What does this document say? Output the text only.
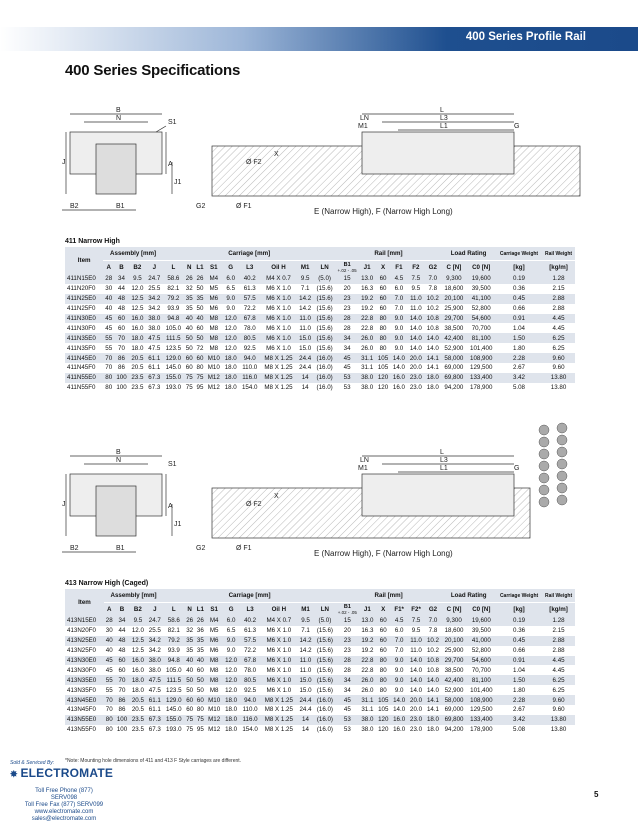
400 Series Profile Rail
400 Series Specifications
B
N
S1
J	A
J1
B2	B1	G2	Ø F1
M1
LN
L
L3
L1	G
E (Narrow High), F (Narrow High Long)
411 Narrow High
Item	Assembly [mm]				Carriage [mm]									Rail [mm]						Load Rating		Carriage Weight	Rail Weight
	A	B	B2	J	L	N	L1	S1	G	L3	Oil H	M1	LN	B1
+.02 - .05	J1	X	F1	F2	G2	C [N]	C0 [N]	[kg]	[kg/m]
411N15E0	28	34	9.5	24.7	58.6	26	26	M4	6.0	40.2	M4 X 0.7	9.5	(5.0)	15	13.0	60	4.5	7.5	7.0	9,300	19,600	0.19	1.28
411N20F0	30	44	12.0	25.5	82.1	32	50	M5	6.5	61.3	M6 X 1.0	7.1	(15.6)	20	16.3	60	6.0	9.5	7.8	18,600	39,500	0.36	2.15
411N25E0	40	48	12.5	34.2	79.2	35	35	M6	9.0	57.5	M6 X 1.0	14.2	(15.6)	23	19.2	60	7.0	11.0	10.2	20,100	41,100	0.45	2.88
411N25F0	40	48	12.5	34.2	93.9	35	50	M6	9.0	72.2	M6 X 1.0	14.2	(15.6)	23	19.2	60	7.0	11.0	10.2	25,900	52,800	0.66	2.88
411N30E0	45	60	16.0	38.0	94.8	40	40	M8	12.0	67.8	M6 X 1.0	11.0	(15.6)	28	22.8	80	9.0	14.0	10.8	29,700	54,600	0.91	4.45
411N30F0	45	60	16.0	38.0	105.0	40	60	M8	12.0	78.0	M6 X 1.0	11.0	(15.6)	28	22.8	80	9.0	14.0	10.8	38,500	70,700	1.04	4.45
411N35E0	55	70	18.0	47.5	111.5	50	50	M8	12.0	80.5	M6 X 1.0	15.0	(15.6)	34	26.0	80	9.0	14.0	14.0	42,400	81,100	1.50	6.25
411N35F0	55	70	18.0	47.5	123.5	50	72	M8	12.0	92.5	M6 X 1.0	15.0	(15.6)	34	26.0	80	9.0	14.0	14.0	52,900	101,400	1.80	6.25
411N45E0	70	86	20.5	61.1	129.0	60	60	M10	18.0	94.0	M8 X 1.25	24.4	(16.0)	45	31.1	105	14.0	20.0	14.1	58,000	108,900	2.28	9.60
411N45F0	70	86	20.5	61.1	145.0	60	80	M10	18.0	110.0	M8 X 1.25	24.4	(16.0)	45	31.1	105	14.0	20.0	14.1	69,000	129,500	2.67	9.60
411N55E0	80	100	23.5	67.3	155.0	75	75	M12	18.0	116.0	M8 X 1.25	14	(16.0)	53	38.0	120	16.0	23.0	18.0	69,800	133,400	3.42	13.80
411N55F0	80	100	23.5	67.3	193.0	75	95	M12	18.0	154.0	M8 X 1.25	14	(16.0)	53	38.0	120	16.0	23.0	18.0	94,200	178,900	5.08	13.80
B
N
S1
J	A
J1
B2	B1	G2	Ø F1
M1
LN
L
L3
L1	G
E (Narrow High), F (Narrow High Long)
413 Narrow High (Caged)
Item	Assembly [mm]				Carriage [mm]									Rail [mm]						Load Rating		Carriage Weight	Rail Weight
	A	B	B2	J	L	N	L1	S1	G	L3	Oil H	M1	LN	B1
+.02 - .05	J1	X	F1*	F2*	G2	C [N]	C0 [N]	[kg]	[kg/m]
413N15E0	28	34	9.5	24.7	58.6	26	26	M4	6.0	40.2	M4 X 0.7	9.5	(5.0)	15	13.0	60	4.5	7.5	7.0	9,300	19,600	0.19	1.28
413N20F0	30	44	12.0	25.5	82.1	32	36	M5	6.5	61.3	M6 X 1.0	7.1	(15.6)	20	16.3	60	6.0	9.5	7.8	18,600	39,500	0.36	2.15
413N25E0	40	48	12.5	34.2	79.2	35	35	M6	9.0	57.5	M6 X 1.0	14.2	(15.6)	23	19.2	60	7.0	11.0	10.2	20,100	41,000	0.45	2.88
413N25F0	40	48	12.5	34.2	93.9	35	35	M6	9.0	72.2	M6 X 1.0	14.2	(15.6)	23	19.2	60	7.0	11.0	10.2	25,900	52,800	0.66	2.88
413N30E0	45	60	16.0	38.0	94.8	40	40	M8	12.0	67.8	M6 X 1.0	11.0	(15.6)	28	22.8	80	9.0	14.0	10.8	29,700	54,600	0.91	4.45
413N30F0	45	60	16.0	38.0	105.0	40	60	M8	12.0	78.0	M6 X 1.0	11.0	(15.6)	28	22.8	80	9.0	14.0	10.8	38,500	70,700	1.04	4.45
413N35E0	55	70	18.0	47.5	111.5	50	50	M8	12.0	80.5	M6 X 1.0	15.0	(15.6)	34	26.0	80	9.0	14.0	14.0	42,400	81,100	1.50	6.25
413N35F0	55	70	18.0	47.5	123.5	50	50	M8	12.0	92.5	M6 X 1.0	15.0	(15.6)	34	26.0	80	9.0	14.0	14.0	52,900	101,400	1.80	6.25
413N45E0	70	86	20.5	61.1	129.0	60	60	M10	18.0	94.0	M8 X 1.25	24.4	(16.0)	45	31.1	105	14.0	20.0	14.1	58,000	108,900	2.28	9.60
413N45F0	70	86	20.5	61.1	145.0	60	80	M10	18.0	110.0	M8 X 1.25	24.4	(16.0)	45	31.1	105	14.0	20.0	14.1	69,000	129,500	2.67	9.60
413N55E0	80	100	23.5	67.3	155.0	75	75	M12	18.0	116.0	M8 X 1.25	14	(16.0)	53	38.0	120	16.0	23.0	18.0	69,800	133,400	3.42	13.80
413N55F0	80	100	23.5	67.3	193.0	75	95	M12	18.0	154.0	M8 X 1.25	14	(16.0)	53	38.0	120	16.0	23.0	18.0	94,200	178,900	5.08	13.80
*Note: Mounting hole dimensions of 411 and 413 F Style carriages are different.
Sold & Serviced By:
✸ ELECTROMATE
Toll Free Phone (877) SERV098
Toll Free Fax (877) SERV099
www.electromate.com
sales@electromate.com
5
